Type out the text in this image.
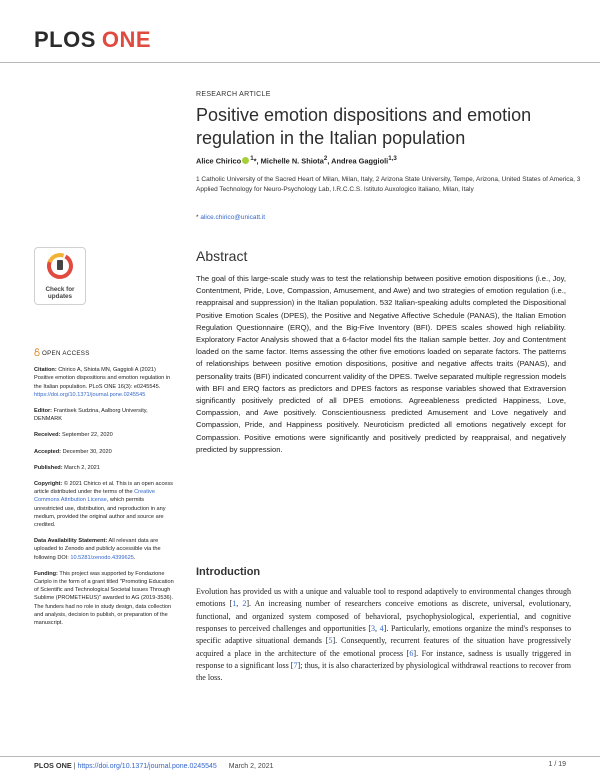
PLOS ONE
RESEARCH ARTICLE
Positive emotion dispositions and emotion regulation in the Italian population
Alice Chirico $^1$*, Michelle N. Shiota$^2$, Andrea Gaggioli$^{1,3}$
1 Catholic University of the Sacred Heart of Milan, Milan, Italy, 2 Arizona State University, Tempe, Arizona, United States of America, 3 Applied Technology for Neuro-Psychology Lab, I.R.C.C.S. Istituto Auxologico Italiano, Milan, Italy
* alice.chirico@unicatt.it
Abstract

The goal of this large-scale study was to test the relationship between positive emotion dispositions (i.e., Joy, Contentment, Pride, Love, Compassion, Amusement, and Awe) and two strategies of emotion regulation (i.e., reappraisal and suppression) in the Italian population. 532 Italian-speaking adults completed the Dispositional Positive Emotion Scales (DPES), the Positive and Negative Affective Schedule (PANAS), the Italian Emotion Regulation Questionnaire (ERQ), and the Big-Five Inventory (BFI). DPES scales showed high reliability. Exploratory Factor Analysis showed that a 6-factor model fits the Italian sample better. Joy and Contentment loaded on the same factor. Items assessing the other five emotions loaded on separate factors. The patterns of relationships between positive emotion dispositions, positive and negative affects traits (PANAS), and personality traits (BFI) indicated concurrent validity of the DPES. Twelve separated multiple regression models with BFI and ERQ factors as predictors and DPES factors as response variables showed that Extraversion significantly positively predicted of all DPES emotions. Agreeableness predicted Happiness, Love, Compassion, and Awe positively. Conscientiousness predicted Amusement and Love negatively and Compassion, Pride, and Happiness positively. Neuroticism predicted all emotions negatively except for Compassion. Positive emotions were significantly and positively predicted by reappraisal, and negatively predicted by suppression.

Check for
updates
OPEN ACCESS

Citation: Chirico A, Shiota MN, Gaggioli A (2021) Positive emotion dispositions and emotion regulation in the Italian population. PLoS ONE 16(3): e0245545. https://doi.org/10.1371/journal.pone.0245545

Editor: Frantisek Sudzina, Aalborg University, DENMARK

Received: September 22, 2020

Accepted: December 30, 2020

Published: March 2, 2021

Copyright: © 2021 Chirico et al. This is an open access article distributed under the terms of the Creative Commons Attribution License, which permits unrestricted use, distribution, and reproduction in any medium, provided the original author and source are credited.

Data Availability Statement: All relevant data are uploaded to Zenodo and publicly accessible via the following DOI: 10.5281/zenodo.4399625.

Funding: This project was supported by Fondazione Cariplo in the form of a grant titled "Promoting Education of Scientific and Technological Societal Issues Through Sublime (PROMETHEUS)" awarded to AG (2019-3536). The funders had no role in study design, data collection and analysis, decision to publish, or preparation of the manuscript.

Introduction

Evolution has provided us with a unique and valuable tool to respond adaptively to environmental changes through emotions [1, 2]. An increasing number of researchers conceive emotions as discrete, universal, evolutionary, functional, and organized system composed of behavioral, psychophysiological, experiential, and cognitive responses to perceived challenges and opportunities [3, 4]. Particularly, emotions organize the mind's responses to specific adaptive situational demands [5]. Consequently, recurrent features of the situation have progressively acquired a place in the architecture of the emotional process [6]. For instance, sadness is usually triggered in response to a significant loss [7]; thus, it is also characterized by physiological withdrawal reactions to recover from the loss.

PLOS ONE | https://doi.org/10.1371/journal.pone.0245545 March 2, 2021	1 / 19
